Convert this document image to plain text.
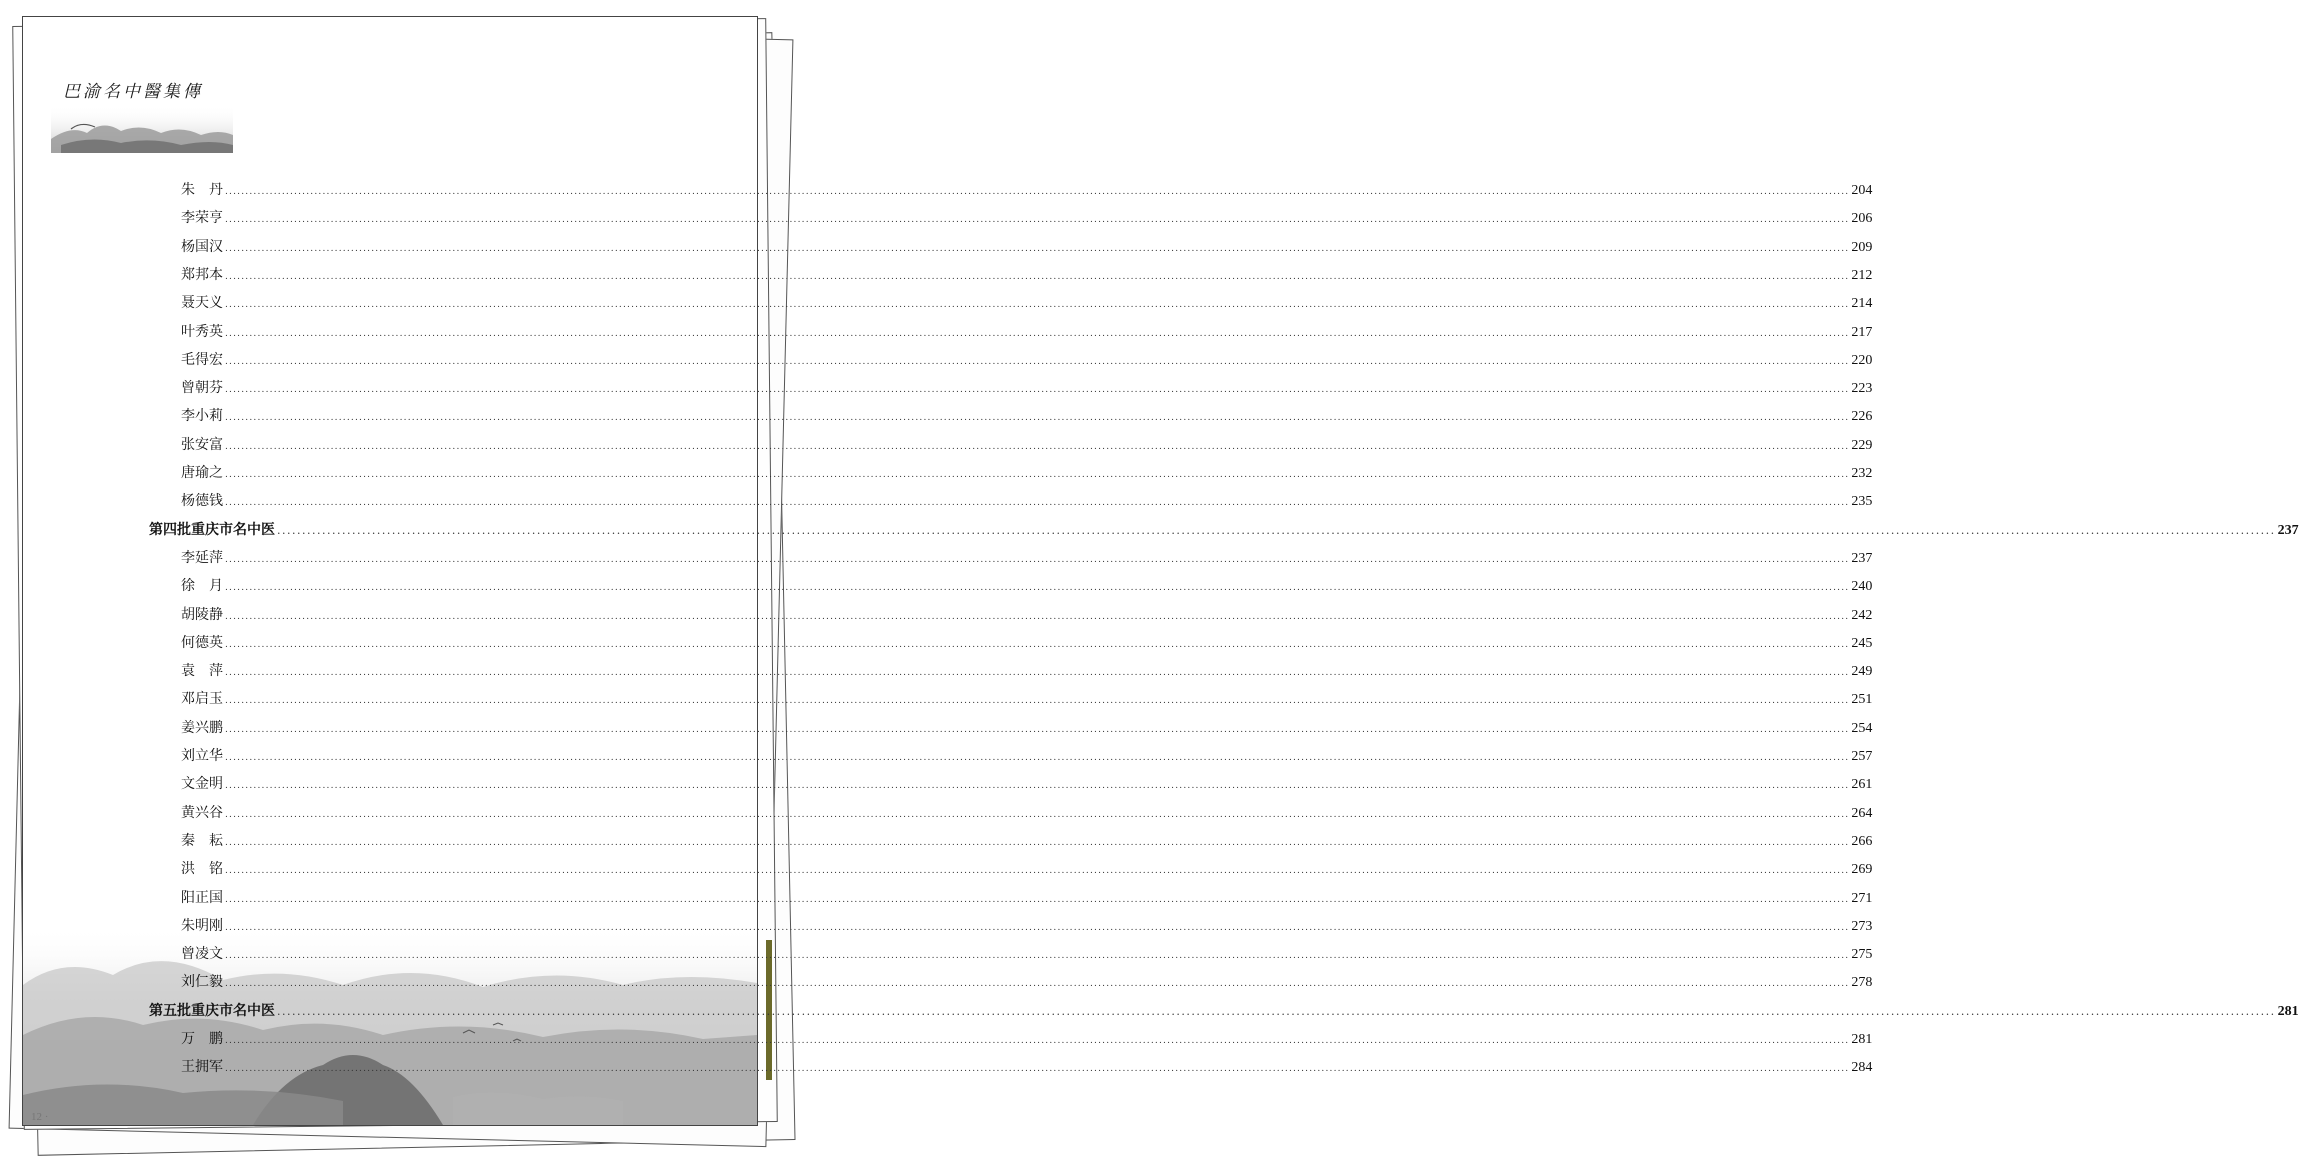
巴渝名中醫集傳
朱　丹 ................................................................................................................................................................................................................................................................................................................................................................................................................ 204
李荣亨 ................................................................................................................................................................................................................................................................................................................................................................................................................ 206
杨国汉 ................................................................................................................................................................................................................................................................................................................................................................................................................ 209
郑邦本 ................................................................................................................................................................................................................................................................................................................................................................................................................ 212
聂天义 ................................................................................................................................................................................................................................................................................................................................................................................................................ 214
叶秀英 ................................................................................................................................................................................................................................................................................................................................................................................................................ 217
毛得宏 ................................................................................................................................................................................................................................................................................................................................................................................................................ 220
曾朝芬 ................................................................................................................................................................................................................................................................................................................................................................................................................ 223
李小莉 ................................................................................................................................................................................................................................................................................................................................................................................................................ 226
张安富 ................................................................................................................................................................................................................................................................................................................................................................................................................ 229
唐瑜之 ................................................................................................................................................................................................................................................................................................................................................................................................................ 232
杨德钱 ................................................................................................................................................................................................................................................................................................................................................................................................................ 235
第四批重庆市名中医 ................................................................................................................................................................................................................................................................................................................................................................................................................ 237
李延萍 ................................................................................................................................................................................................................................................................................................................................................................................................................ 237
徐　月 ................................................................................................................................................................................................................................................................................................................................................................................................................ 240
胡陵静 ................................................................................................................................................................................................................................................................................................................................................................................................................ 242
何德英 ................................................................................................................................................................................................................................................................................................................................................................................................................ 245
袁　萍 ................................................................................................................................................................................................................................................................................................................................................................................................................ 249
邓启玉 ................................................................................................................................................................................................................................................................................................................................................................................................................ 251
姜兴鹏 ................................................................................................................................................................................................................................................................................................................................................................................................................ 254
刘立华 ................................................................................................................................................................................................................................................................................................................................................................................................................ 257
文金明 ................................................................................................................................................................................................................................................................................................................................................................................................................ 261
黄兴谷 ................................................................................................................................................................................................................................................................................................................................................................................................................ 264
秦　耘 ................................................................................................................................................................................................................................................................................................................................................................................................................ 266
洪　铭 ................................................................................................................................................................................................................................................................................................................................................................................................................ 269
阳正国 ................................................................................................................................................................................................................................................................................................................................................................................................................ 271
朱明刚 ................................................................................................................................................................................................................................................................................................................................................................................................................ 273
曾凌文 ................................................................................................................................................................................................................................................................................................................................................................................................................ 275
刘仁毅 ................................................................................................................................................................................................................................................................................................................................................................................................................ 278
第五批重庆市名中医 ................................................................................................................................................................................................................................................................................................................................................................................................................ 281
万　鹏 ................................................................................................................................................................................................................................................................................................................................................................................................................ 281
王拥军 ................................................................................................................................................................................................................................................................................................................................................................................................................ 284
12 ·
